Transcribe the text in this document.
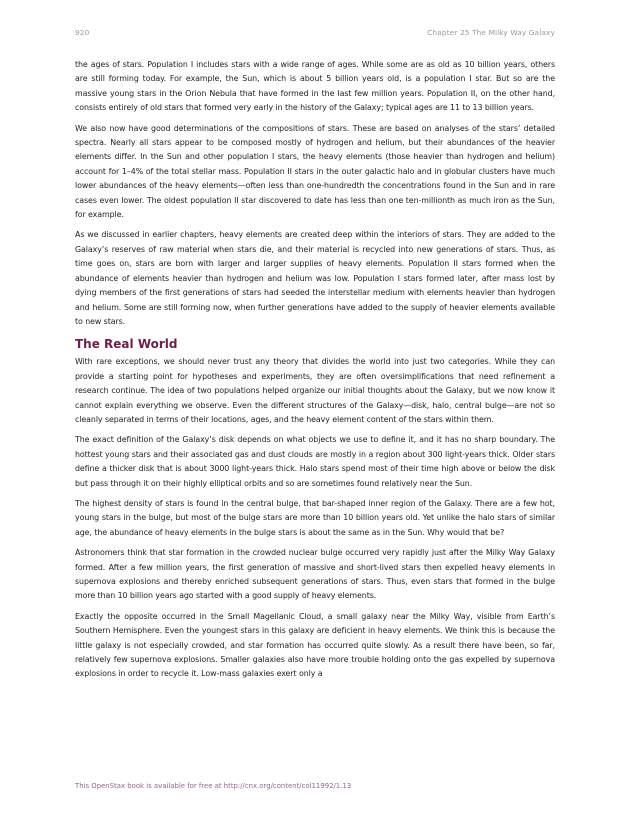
920	Chapter 25 The Milky Way Galaxy

the ages of stars. Population I includes stars with a wide range of ages. While some are as old as 10 billion years, others are still forming today. For example, the Sun, which is about 5 billion years old, is a population I star. But so are the massive young stars in the Orion Nebula that have formed in the last few million years. Population II, on the other hand, consists entirely of old stars that formed very early in the history of the Galaxy; typical ages are 11 to 13 billion years.

We also now have good determinations of the compositions of stars. These are based on analyses of the stars’ detailed spectra. Nearly all stars appear to be composed mostly of hydrogen and helium, but their abundances of the heavier elements differ. In the Sun and other population I stars, the heavy elements (those heavier than hydrogen and helium) account for 1–4% of the total stellar mass. Population II stars in the outer galactic halo and in globular clusters have much lower abundances of the heavy elements—often less than one-hundredth the concentrations found in the Sun and in rare cases even lower. The oldest population II star discovered to date has less than one ten-millionth as much iron as the Sun, for example.

As we discussed in earlier chapters, heavy elements are created deep within the interiors of stars. They are added to the Galaxy’s reserves of raw material when stars die, and their material is recycled into new generations of stars. Thus, as time goes on, stars are born with larger and larger supplies of heavy elements. Population II stars formed when the abundance of elements heavier than hydrogen and helium was low. Population I stars formed later, after mass lost by dying members of the first generations of stars had seeded the interstellar medium with elements heavier than hydrogen and helium. Some are still forming now, when further generations have added to the supply of heavier elements available to new stars.

The Real World

With rare exceptions, we should never trust any theory that divides the world into just two categories. While they can provide a starting point for hypotheses and experiments, they are often oversimplifications that need refinement a research continue. The idea of two populations helped organize our initial thoughts about the Galaxy, but we now know it cannot explain everything we observe. Even the different structures of the Galaxy—disk, halo, central bulge—are not so cleanly separated in terms of their locations, ages, and the heavy element content of the stars within them.

The exact definition of the Galaxy’s disk depends on what objects we use to define it, and it has no sharp boundary. The hottest young stars and their associated gas and dust clouds are mostly in a region about 300 light-years thick. Older stars define a thicker disk that is about 3000 light-years thick. Halo stars spend most of their time high above or below the disk but pass through it on their highly elliptical orbits and so are sometimes found relatively near the Sun.

The highest density of stars is found in the central bulge, that bar-shaped inner region of the Galaxy. There are a few hot, young stars in the bulge, but most of the bulge stars are more than 10 billion years old. Yet unlike the halo stars of similar age, the abundance of heavy elements in the bulge stars is about the same as in the Sun. Why would that be?

Astronomers think that star formation in the crowded nuclear bulge occurred very rapidly just after the Milky Way Galaxy formed. After a few million years, the first generation of massive and short-lived stars then expelled heavy elements in supernova explosions and thereby enriched subsequent generations of stars. Thus, even stars that formed in the bulge more than 10 billion years ago started with a good supply of heavy elements.

Exactly the opposite occurred in the Small Magellanic Cloud, a small galaxy near the Milky Way, visible from Earth’s Southern Hemisphere. Even the youngest stars in this galaxy are deficient in heavy elements. We think this is because the little galaxy is not especially crowded, and star formation has occurred quite slowly. As a result there have been, so far, relatively few supernova explosions. Smaller galaxies also have more trouble holding onto the gas expelled by supernova explosions in order to recycle it. Low-mass galaxies exert only a

This OpenStax book is available for free at http://cnx.org/content/col11992/1.13
